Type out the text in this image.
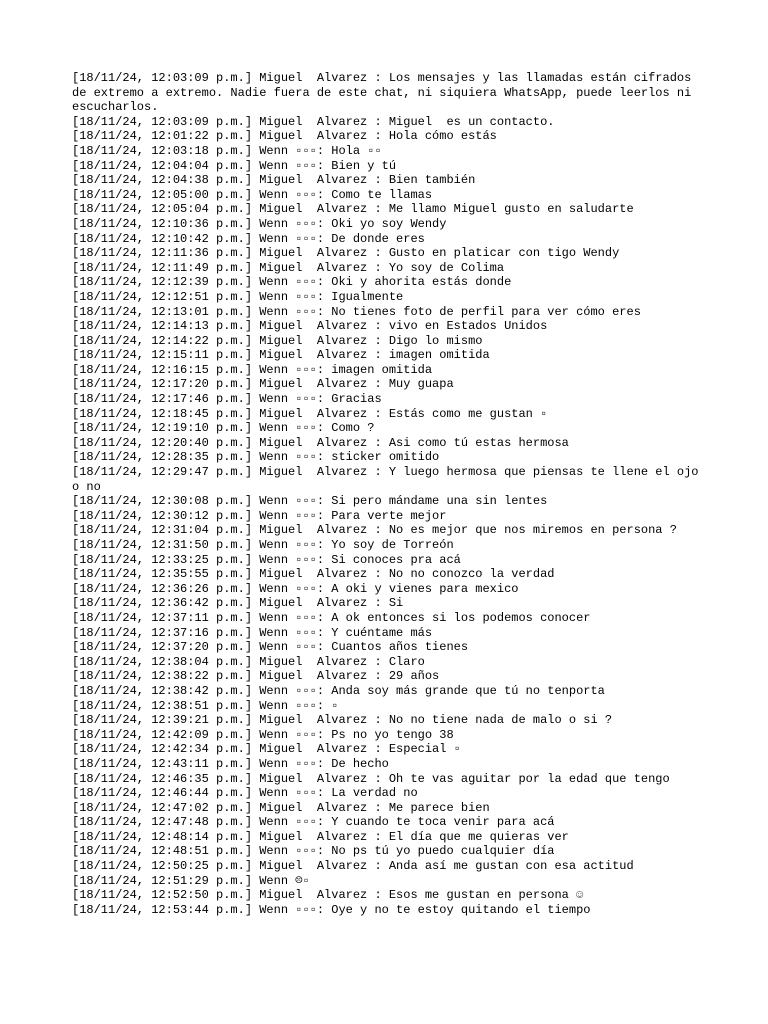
[18/11/24, 12:03:09 p.m.] Miguel  Alvarez : Los mensajes y las llamadas están cifrados de extremo a extremo. Nadie fuera de este chat, ni siquiera WhatsApp, puede leerlos ni escucharlos.
[18/11/24, 12:03:09 p.m.] Miguel  Alvarez : Miguel  es un contacto.
[18/11/24, 12:01:22 p.m.] Miguel  Alvarez : Hola cómo estás
[18/11/24, 12:03:18 p.m.] Wenn ▫▫▫: Hola ▫▫
[18/11/24, 12:04:04 p.m.] Wenn ▫▫▫: Bien y tú
[18/11/24, 12:04:38 p.m.] Miguel  Alvarez : Bien también
[18/11/24, 12:05:00 p.m.] Wenn ▫▫▫: Como te llamas
[18/11/24, 12:05:04 p.m.] Miguel  Alvarez : Me llamo Miguel gusto en saludarte
[18/11/24, 12:10:36 p.m.] Wenn ▫▫▫: Oki yo soy Wendy
[18/11/24, 12:10:42 p.m.] Wenn ▫▫▫: De donde eres
[18/11/24, 12:11:36 p.m.] Miguel  Alvarez : Gusto en platicar con tigo Wendy
[18/11/24, 12:11:49 p.m.] Miguel  Alvarez : Yo soy de Colima
[18/11/24, 12:12:39 p.m.] Wenn ▫▫▫: Oki y ahorita estás donde
[18/11/24, 12:12:51 p.m.] Wenn ▫▫▫: Igualmente
[18/11/24, 12:13:01 p.m.] Wenn ▫▫▫: No tienes foto de perfil para ver cómo eres
[18/11/24, 12:14:13 p.m.] Miguel  Alvarez : vivo en Estados Unidos
[18/11/24, 12:14:22 p.m.] Miguel  Alvarez : Digo lo mismo
[18/11/24, 12:15:11 p.m.] Miguel  Alvarez : imagen omitida
[18/11/24, 12:16:15 p.m.] Wenn ▫▫▫: imagen omitida
[18/11/24, 12:17:20 p.m.] Miguel  Alvarez : Muy guapa
[18/11/24, 12:17:46 p.m.] Wenn ▫▫▫: Gracias
[18/11/24, 12:18:45 p.m.] Miguel  Alvarez : Estás como me gustan ▫
[18/11/24, 12:19:10 p.m.] Wenn ▫▫▫: Como ?
[18/11/24, 12:20:40 p.m.] Miguel  Alvarez : Asi como tú estas hermosa
[18/11/24, 12:28:35 p.m.] Wenn ▫▫▫: sticker omitido
[18/11/24, 12:29:47 p.m.] Miguel  Alvarez : Y luego hermosa que piensas te llene el ojo o no
[18/11/24, 12:30:08 p.m.] Wenn ▫▫▫: Si pero mándame una sin lentes
[18/11/24, 12:30:12 p.m.] Wenn ▫▫▫: Para verte mejor
[18/11/24, 12:31:04 p.m.] Miguel  Alvarez : No es mejor que nos miremos en persona ?
[18/11/24, 12:31:50 p.m.] Wenn ▫▫▫: Yo soy de Torreón
[18/11/24, 12:33:25 p.m.] Wenn ▫▫▫: Si conoces pra acá
[18/11/24, 12:35:55 p.m.] Miguel  Alvarez : No no conozco la verdad
[18/11/24, 12:36:26 p.m.] Wenn ▫▫▫: A oki y vienes para mexico
[18/11/24, 12:36:42 p.m.] Miguel  Alvarez : Si
[18/11/24, 12:37:11 p.m.] Wenn ▫▫▫: A ok entonces si los podemos conocer
[18/11/24, 12:37:16 p.m.] Wenn ▫▫▫: Y cuéntame más
[18/11/24, 12:37:20 p.m.] Wenn ▫▫▫: Cuantos años tienes
[18/11/24, 12:38:04 p.m.] Miguel  Alvarez : Claro
[18/11/24, 12:38:22 p.m.] Miguel  Alvarez : 29 años
[18/11/24, 12:38:42 p.m.] Wenn ▫▫▫: Anda soy más grande que tú no tenporta
[18/11/24, 12:38:51 p.m.] Wenn ▫▫▫: ▫
[18/11/24, 12:39:21 p.m.] Miguel  Alvarez : No no tiene nada de malo o si ?
[18/11/24, 12:42:09 p.m.] Wenn ▫▫▫: Ps no yo tengo 38
[18/11/24, 12:42:34 p.m.] Miguel  Alvarez : Especial ▫
[18/11/24, 12:43:11 p.m.] Wenn ▫▫▫: De hecho
[18/11/24, 12:46:35 p.m.] Miguel  Alvarez : Oh te vas aguitar por la edad que tengo
[18/11/24, 12:46:44 p.m.] Wenn ▫▫▫: La verdad no
[18/11/24, 12:47:02 p.m.] Miguel  Alvarez : Me parece bien
[18/11/24, 12:47:48 p.m.] Wenn ▫▫▫: Y cuando te toca venir para acá
[18/11/24, 12:48:14 p.m.] Miguel  Alvarez : El día que me quieras ver
[18/11/24, 12:48:51 p.m.] Wenn ▫▫▫: No ps tú yo puedo cualquier día
[18/11/24, 12:50:25 p.m.] Miguel  Alvarez : Anda así me gustan con esa actitud
[18/11/24, 12:51:29 p.m.] Wenn ☹▫
[18/11/24, 12:52:50 p.m.] Miguel  Alvarez : Esos me gustan en persona ☺
[18/11/24, 12:53:44 p.m.] Wenn ▫▫▫: Oye y no te estoy quitando el tiempo
